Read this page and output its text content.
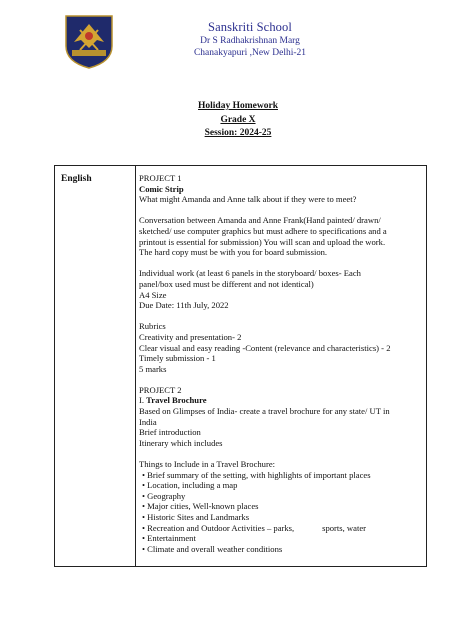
Sanskriti School
Dr S Radhakrishnan Marg
Chanakyapuri ,New Delhi-21
Holiday Homework
Grade X
Session: 2024-25
English	PROJECT 1

Comic Strip

What might Amanda and Anne talk about if they were to meet?

Conversation between Amanda and Anne Frank(Hand painted/ drawn/

sketched/ use computer graphics but must adhere to specifications and a

printout is essential for submission) You will scan and upload the work.

The hard copy must be with you for board submission.

Individual work (at least 6 panels in the storyboard/ boxes- Each

panel/box used must be different and not identical)

A4 Size

Due Date: 11th July, 2022

Rubrics

Creativity and presentation- 2

Clear visual and easy reading -Content (relevance and characteristics) - 2

Timely submission - 1

5 marks

PROJECT 2

I. Travel Brochure

Based on Glimpses of India- create a travel brochure for any state/ UT in

India

Brief introduction

Itinerary which includes

Things to Include in a Travel Brochure:

• Brief summary of the setting, with highlights of important places

• Location, including a map

• Geography

• Major cities, Well-known places

• Historic Sites and Landmarks

• Recreation and Outdoor Activities – parks,             sports, water

• Entertainment

• Climate and overall weather conditions
